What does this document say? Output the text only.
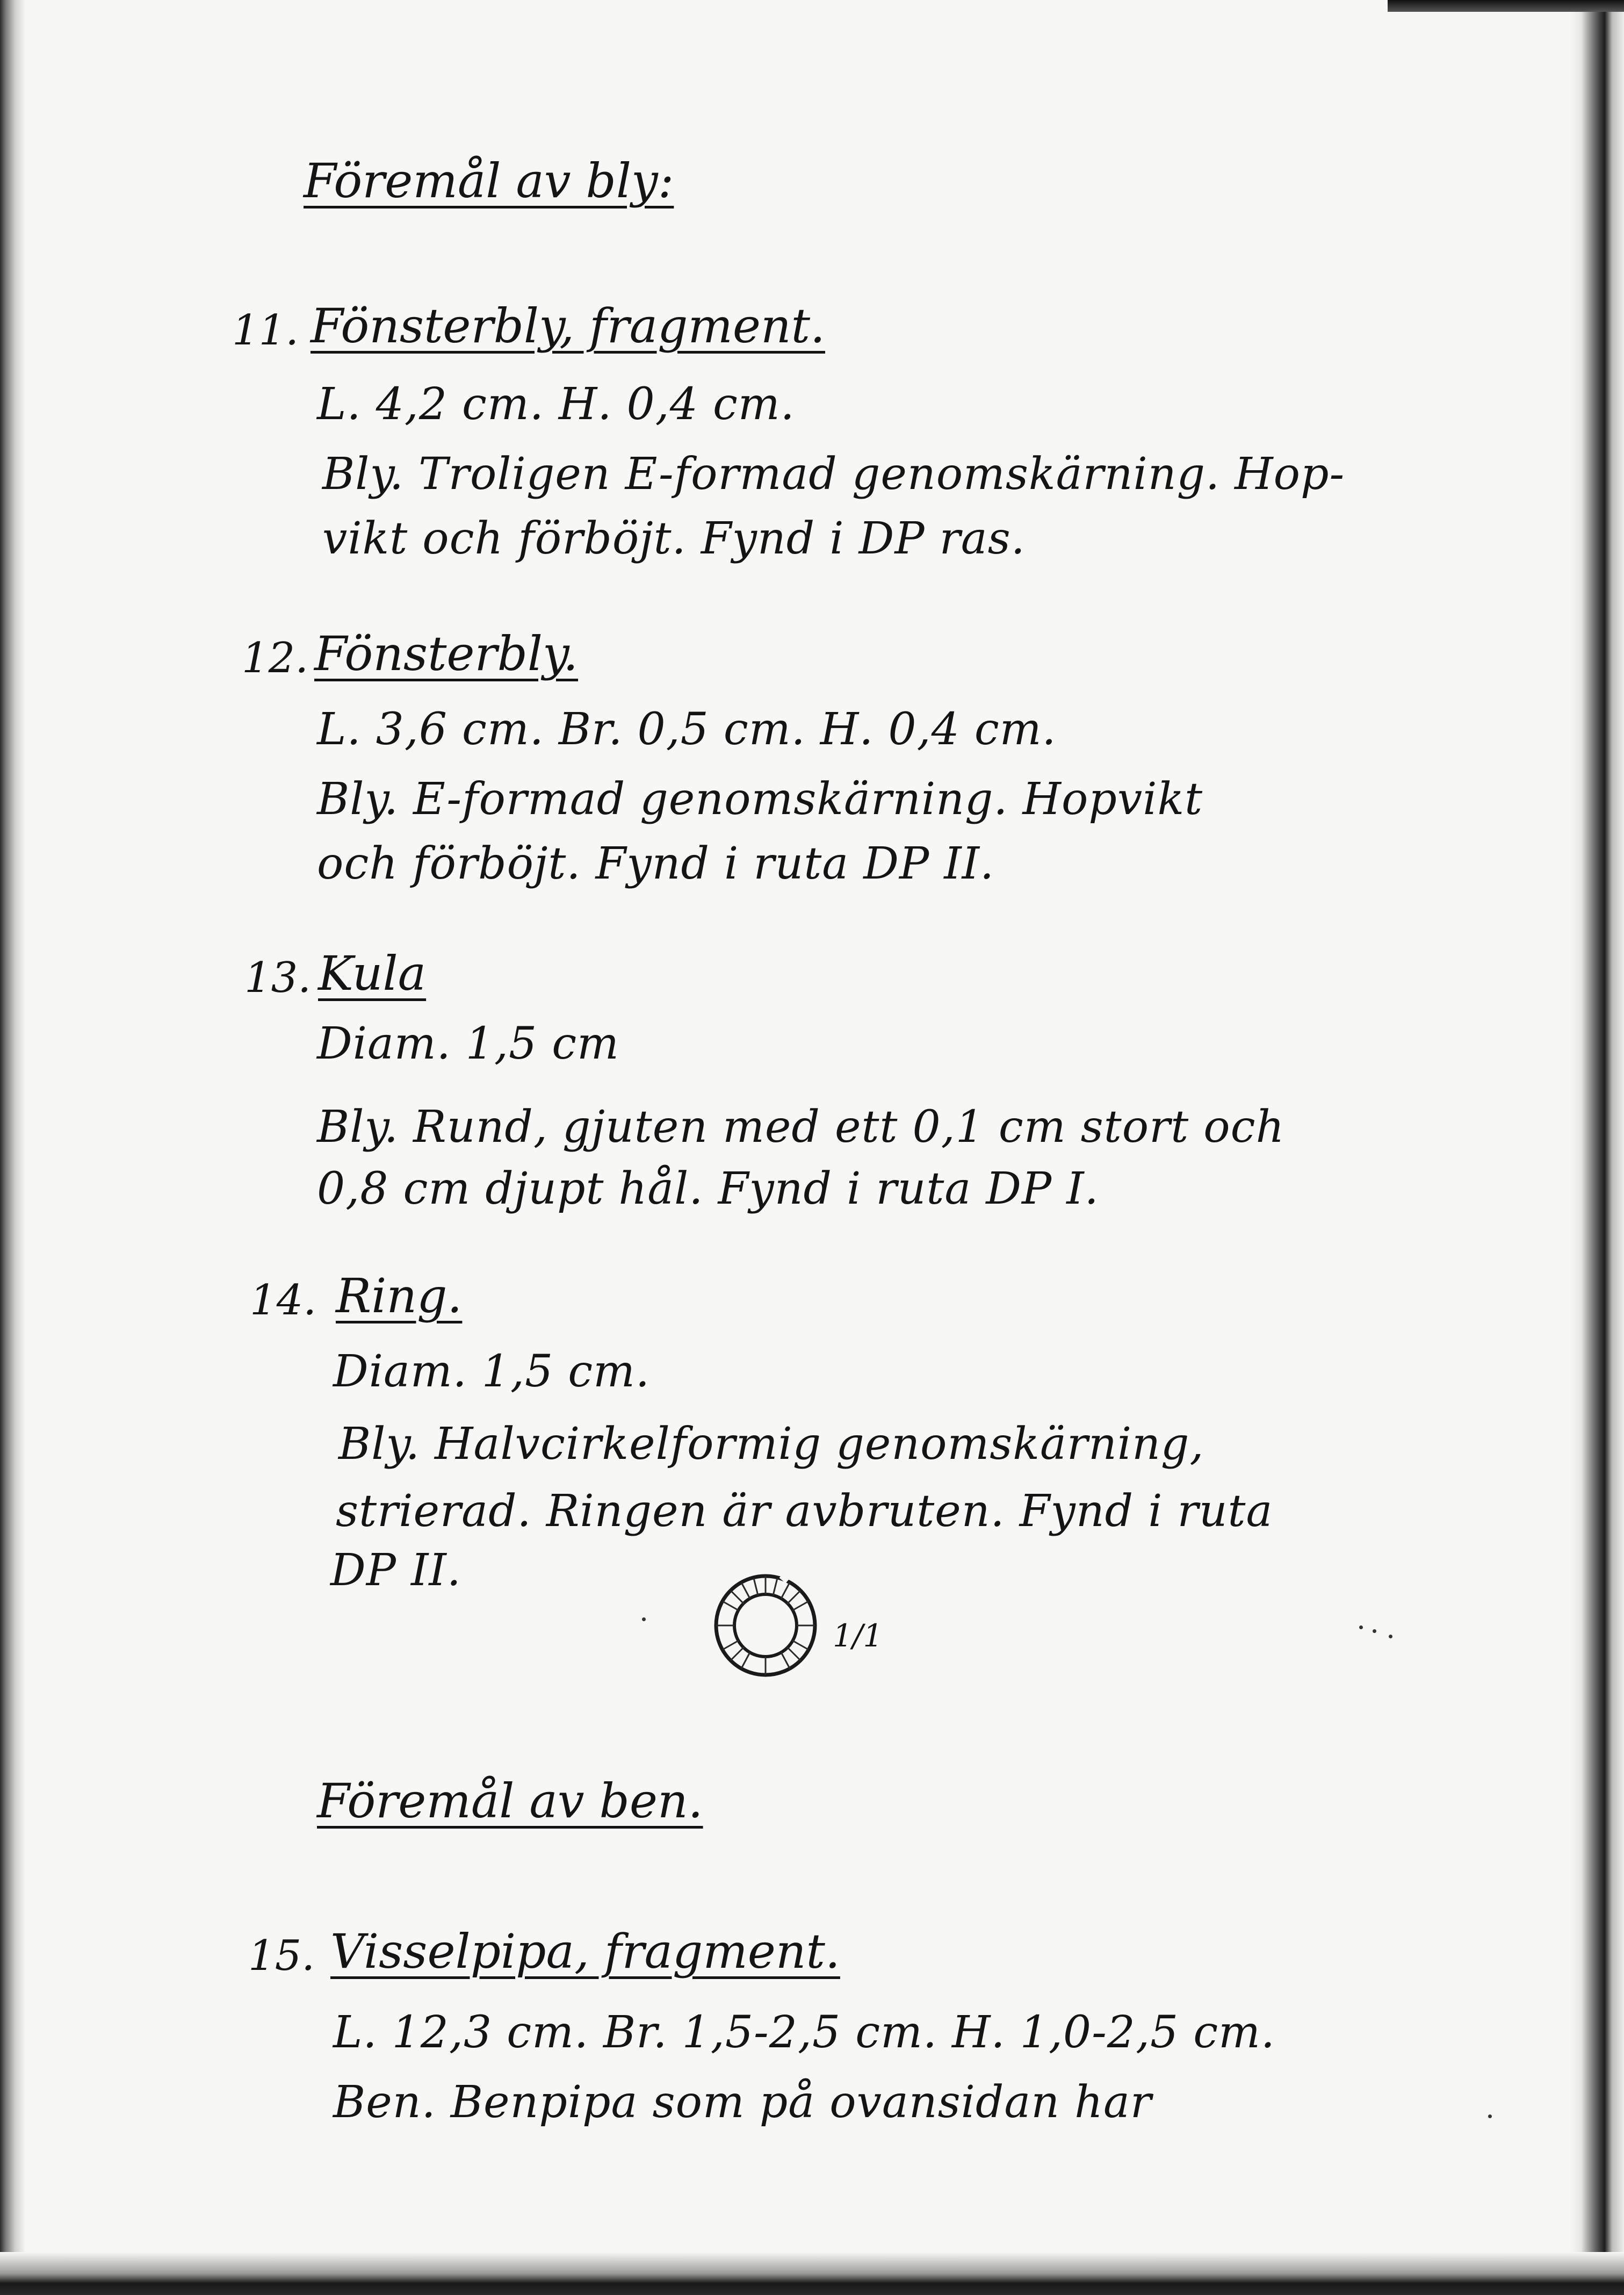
Föremål av bly:
11. Fönsterbly, fragment.
L. 4,2 cm. H. 0,4 cm.
Bly. Troligen E-formad genomskärning. Hop-
vikt och förböjt. Fynd i DP ras.
12. Fönsterbly.
L. 3,6 cm. Br. 0,5 cm. H. 0,4 cm.
Bly. E-formad genomskärning. Hopvikt
och förböjt. Fynd i ruta DP II.
13. Kula
Diam. 1,5 cm
Bly. Rund, gjuten med ett 0,1 cm stort och
0,8 cm djupt hål. Fynd i ruta DP I.
14. Ring.
Diam. 1,5 cm.
Bly. Halvcirkelformig genomskärning,
strierad. Ringen är avbruten. Fynd i ruta
DP II.
1/1
Föremål av ben.
15. Visselpipa, fragment.
L. 12,3 cm. Br. 1,5-2,5 cm. H. 1,0-2,5 cm.
Ben. Benpipa som på ovansidan har
